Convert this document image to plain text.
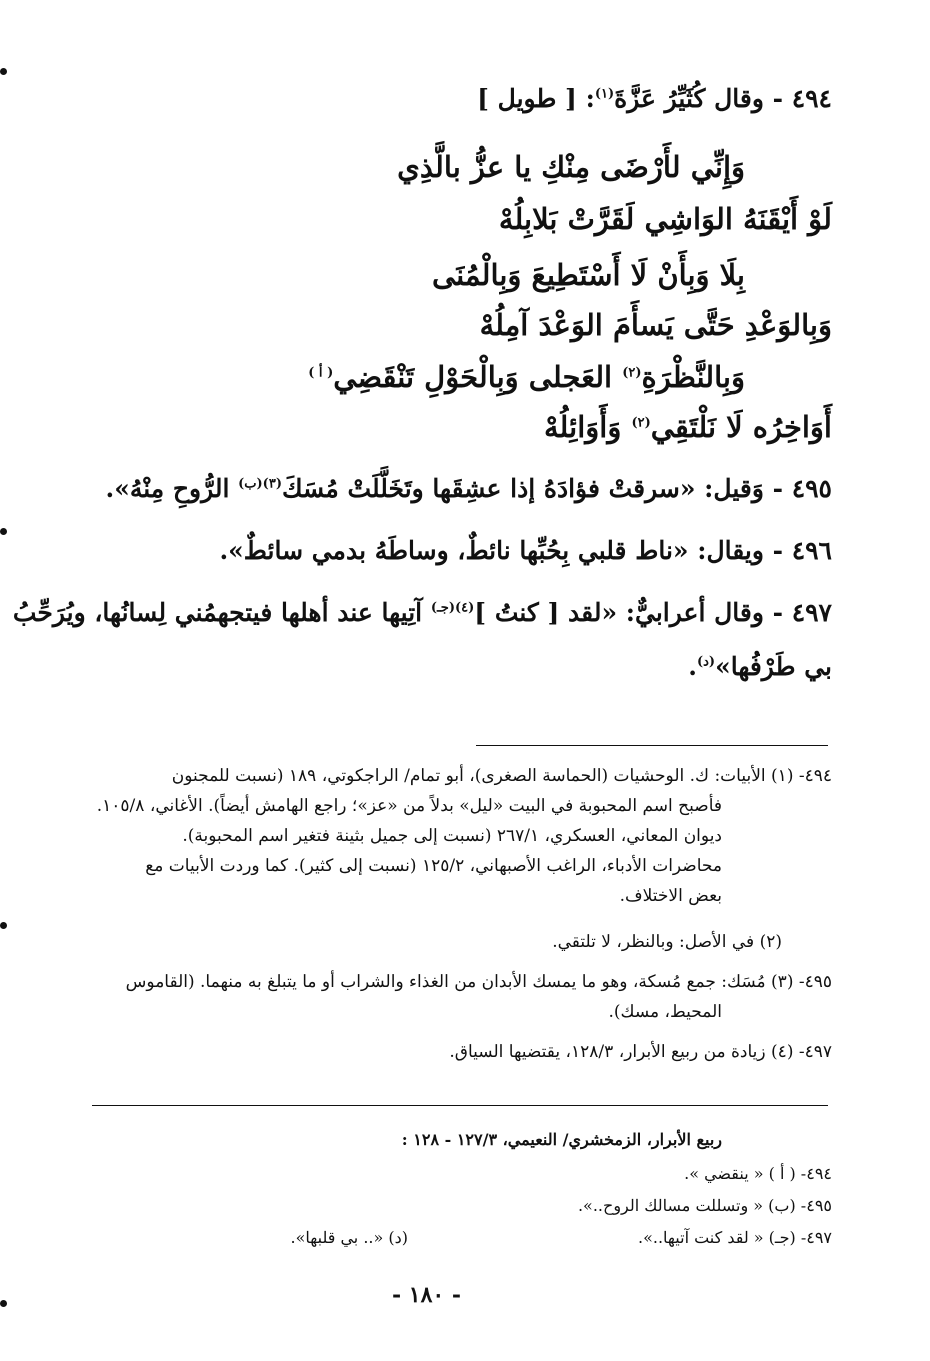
٤٩٤ - وقال كُثَيِّرُ عَزَّةَ$^{(١)}$: [ طويل ]
وَإِنِّي لأَرْضَى مِنْكِ يا عزُّ بالَّذِي
لَوْ أَيْقَنَهُ الوَاشِي لَقَرَّتْ بَلابِلُهْ
بِلَا وَبِأَنْ لَا أَسْتَطِيعَ وَبِالْمُنَى
وَبِالوَعْدِ حَتَّى يَسأَمَ الوَعْدَ آمِلُهْ
وَبِالنَّظْرَةِ$^{(٢)}$ العَجلى وَبِالْحَوْلِ تَنْقَضِي$^{( أ )}$
أَوَاخِرُه لَا نَلْتَقِي$^{(٢)}$ وَأَوَائِلُهْ
٤٩٥ - وَقيل: «سرقتْ فؤادَهُ إذا عشِقَها وتَخَلَّلَتْ مُسَكَ$^{(٣)(ب)}$ الرُّوحِ مِنْهُ».
٤٩٦ - ويقال: «ناط قلبي بِحُبِّها نائطٌ، وساطَهُ بدمي سائطٌ».
٤٩٧ - وقال أعرابيٌّ: «لقد [ كنتُ ]$^{(٤)(جـ)}$ آتِيها عند أهلها فيتجهمُني لِسانُها، ويُرَحِّبُ
بي طَرْفُها»$^{(د)}$.
٤٩٤- (١) الأبيات: ك. الوحشيات (الحماسة الصغرى)، أبو تمام/ الراجكوتي، ١٨٩ (نسبت للمجنون
فأصبح اسم المحبوبة في البيت «ليل» بدلاً من «عز»؛ راجع الهامش أيضاً). الأغاني، ١٠٥/٨.
ديوان المعاني، العسكري، ٢٦٧/١ (نسبت إلى جميل بثينة فتغير اسم المحبوبة).
محاضرات الأدباء، الراغب الأصبهاني، ١٢٥/٢ (نسبت إلى كثير). كما وردت الأبيات مع
بعض الاختلاف.
(٢) في الأصل: وبالنظر، لا تلتقي.
٤٩٥- (٣) مُسَك: جمع مُسكة، وهو ما يمسك الأبدان من الغذاء والشراب أو ما يتبلغ به منهما. (القاموس
المحيط، مسك).
٤٩٧- (٤) زيادة من ربيع الأبرار، ١٢٨/٣، يقتضيها السياق.
ربيع الأبرار، الزمخشري/ النعيمي، ١٢٧/٣ - ١٢٨ :
٤٩٤- ( أ ) « ينقضي ».
٤٩٥- (ب) « وتسللت مسالك الروح..».
٤٩٧- (جـ) « لقد كنت آتيها..».
(د) «.. بي قلبها».
- ١٨٠ -
